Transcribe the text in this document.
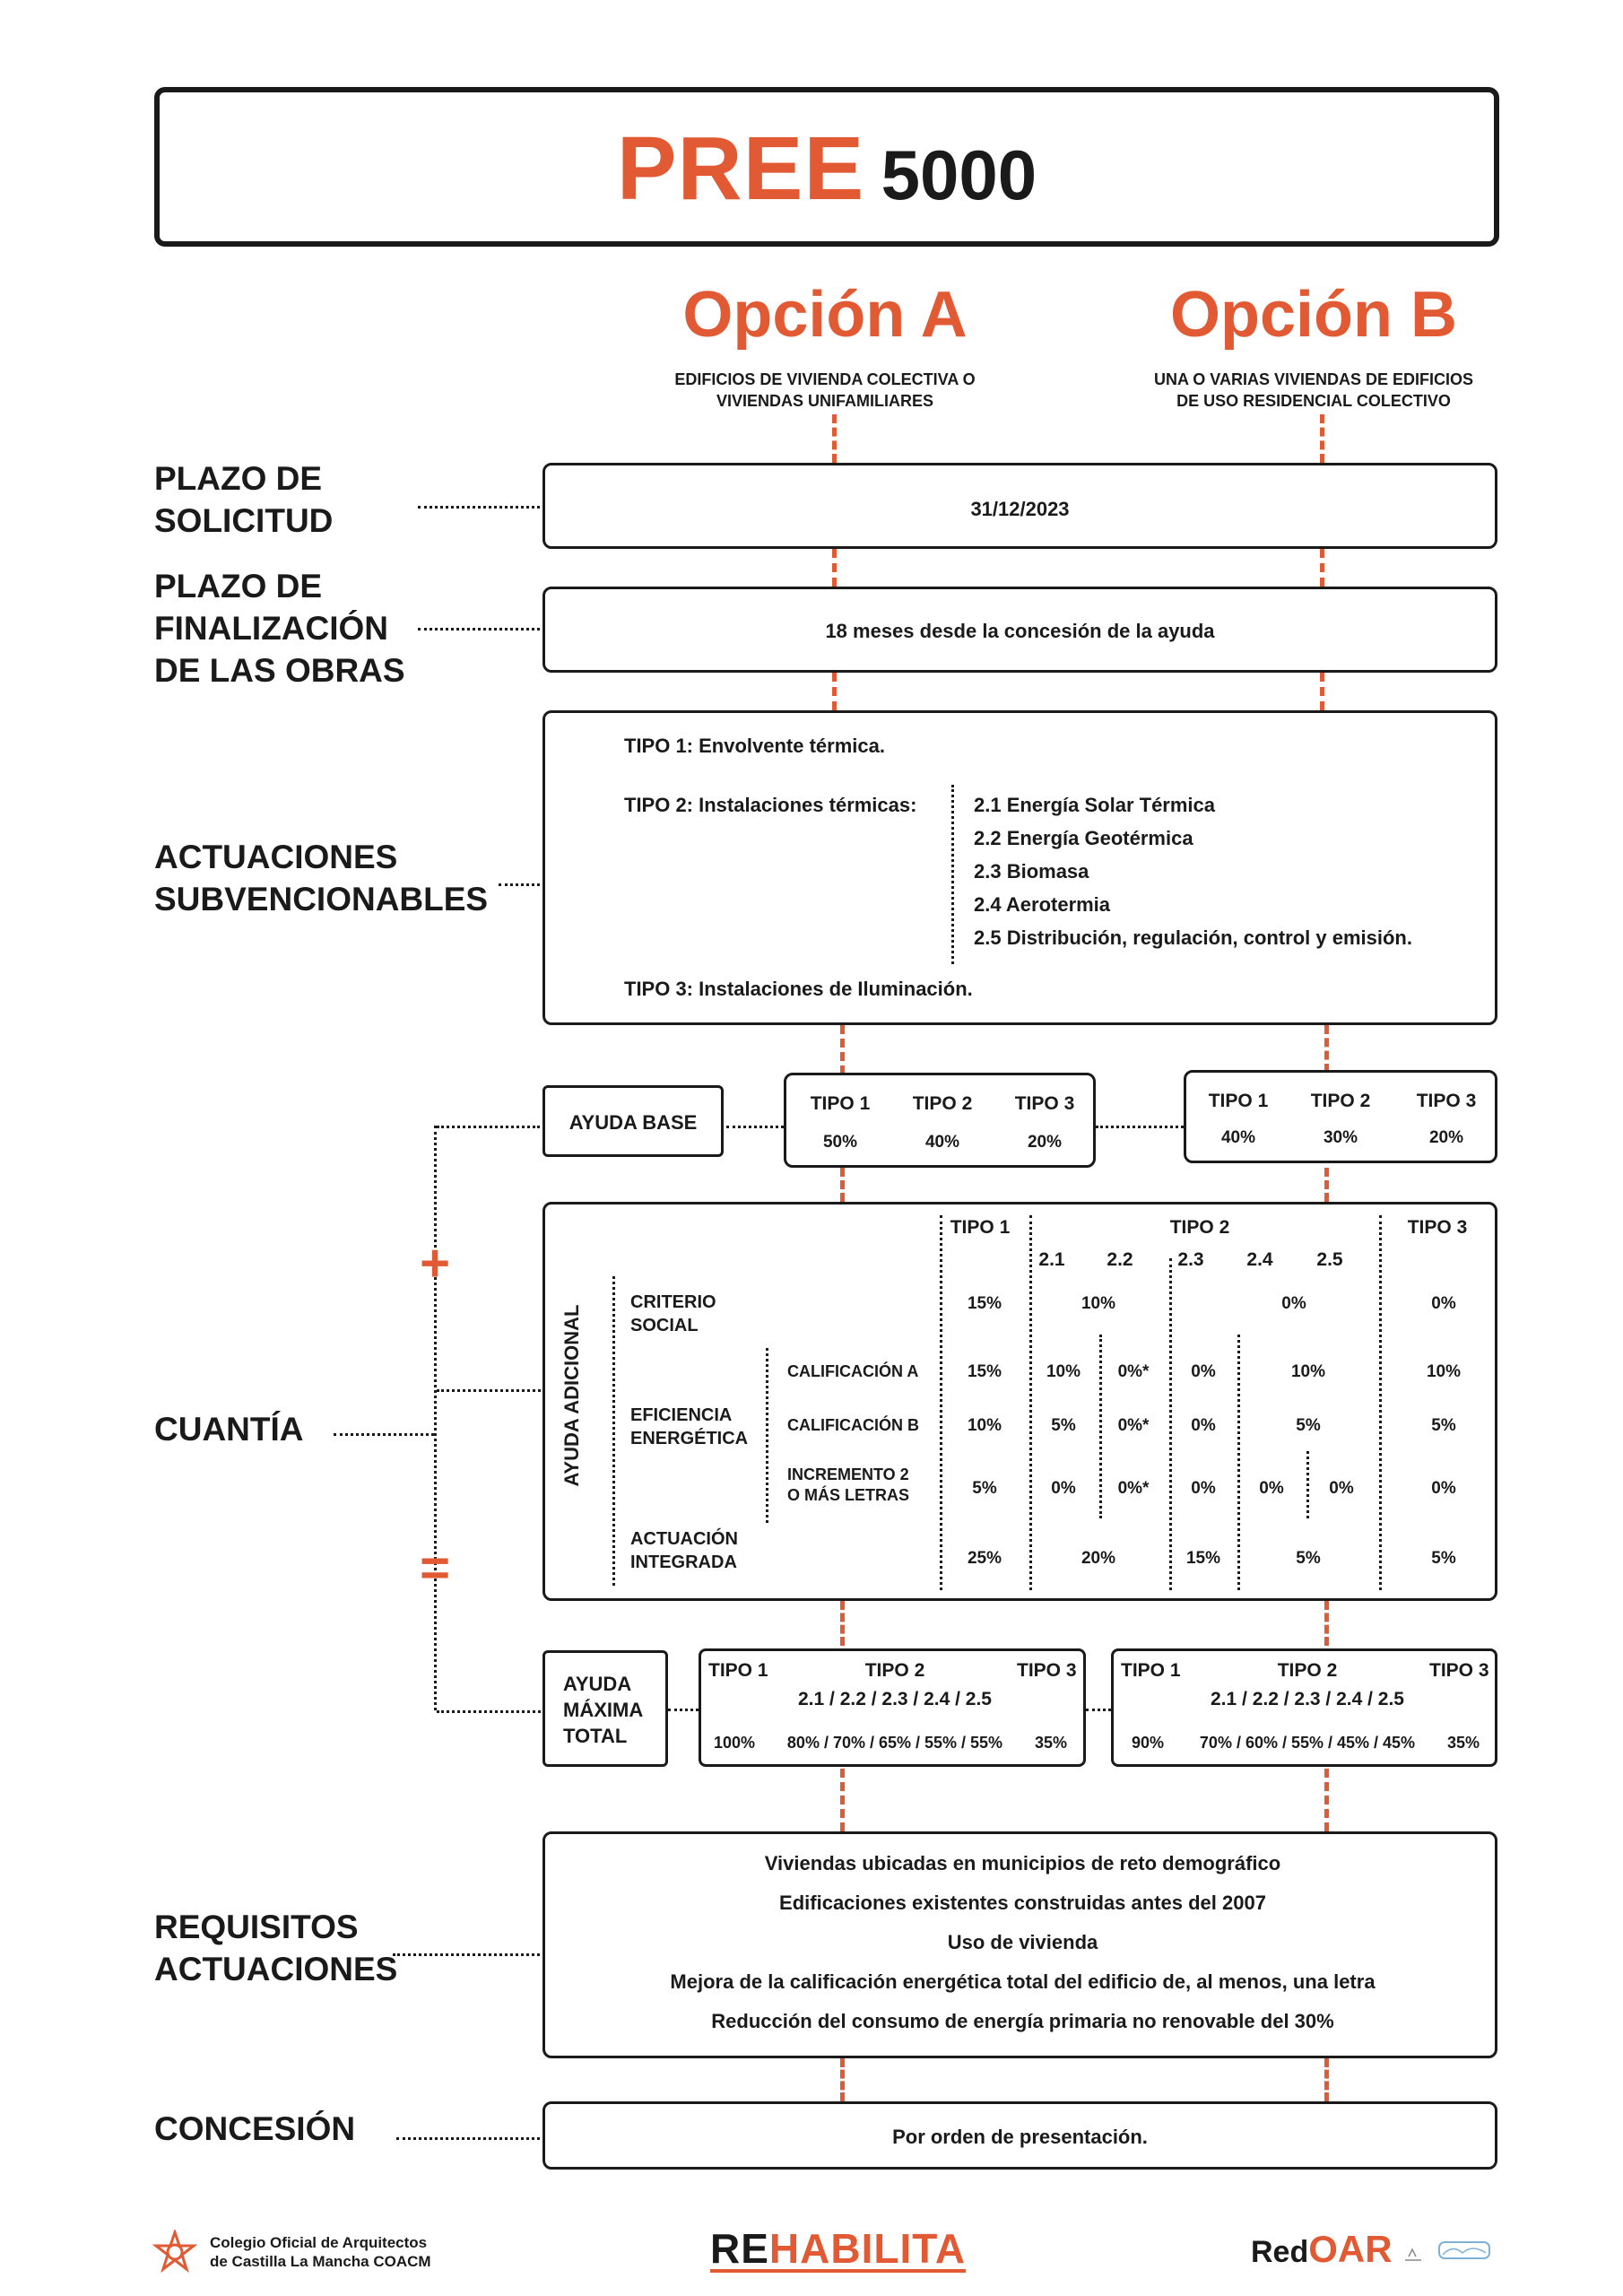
PREE 5000
Opción A
EDIFICIOS DE VIVIENDA COLECTIVA O
VIVIENDAS UNIFAMILIARES
Opción B
UNA O VARIAS VIVIENDAS DE EDIFICIOS
DE USO RESIDENCIAL COLECTIVO
PLAZO DE
SOLICITUD	31/12/2023
PLAZO DE
FINALIZACIÓN
DE LAS OBRAS
18 meses desde la concesión de la ayuda
ACTUACIONES
SUBVENCIONABLES
TIPO 1: Envolvente térmica.
TIPO 2: Instalaciones térmicas:	2.1 Energía Solar Térmica
2.2 Energía Geotérmica
2.3 Biomasa
2.4 Aerotermia
2.5 Distribución, regulación, control y emisión.
TIPO 3: Instalaciones de Iluminación.
AYUDA BASE
TIPO 1	TIPO 2	TIPO 3
50%	40%	20%
TIPO 1	TIPO 2	TIPO 3
40%	30%	20%
CUANTÍA
+
=
AYUDA ADICIONAL
TIPO 1	TIPO 2	TIPO 3
2.1	2.2	2.3	2.4	2.5
CRITERIO
SOCIAL
15%	10%	0%	0%
EFICIENCIA
ENERGÉTICA
CALIFICACIÓN A	15%	10%	0%*	0%	10%	10%
CALIFICACIÓN B	10%	5%	0%*	0%	5%	5%
INCREMENTO 2
O MÁS LETRAS	5%	0%	0%*	0%	0%	0%	0%
ACTUACIÓN
INTEGRADA	25%	20%	15%	5%	5%
AYUDA
MÁXIMA
TOTAL
TIPO 1	TIPO 2	TIPO 3
2.1 / 2.2 / 2.3 / 2.4 / 2.5
100%	80% / 70% / 65% / 55% / 55%	35%
TIPO 1	TIPO 2	TIPO 3
2.1 / 2.2 / 2.3 / 2.4 / 2.5
90%	70% / 60% / 55% / 45% / 45%	35%
REQUISITOS
ACTUACIONES
Viviendas ubicadas en municipios de reto demográfico
Edificaciones existentes construidas antes del 2007
Uso de vivienda
Mejora de la calificación energética total del edificio de, al menos, una letra
Reducción del consumo de energía primaria no renovable del 30%
CONCESIÓN	Por orden de presentación.
Colegio Oficial de Arquitectos
de Castilla La Mancha COACM	REHABILITA	RedOAR
